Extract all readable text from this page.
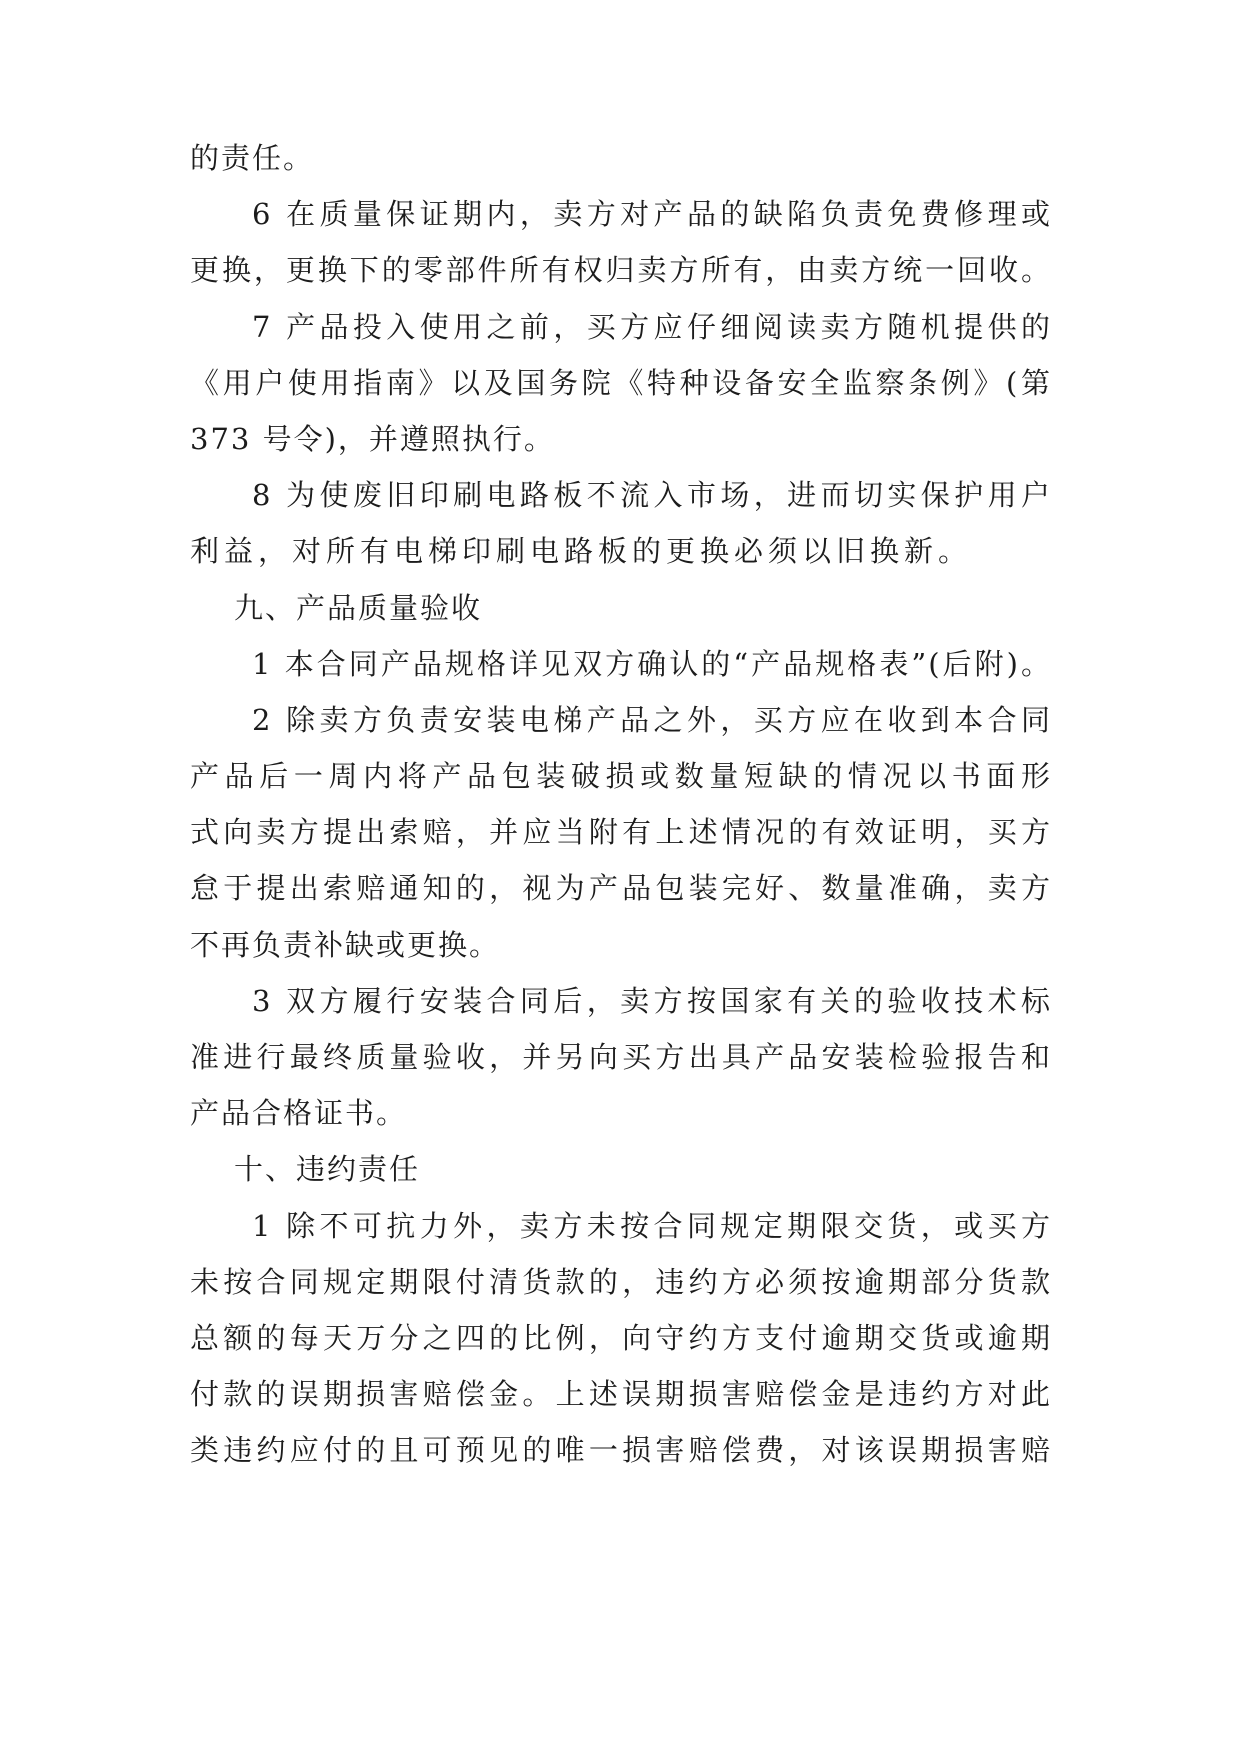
的责任。
6 在质量保证期内，卖方对产品的缺陷负责免费修理或
更换，更换下的零部件所有权归卖方所有，由卖方统一回收。
7 产品投入使用之前，买方应仔细阅读卖方随机提供的
《用户使用指南》以及国务院《特种设备安全监察条例》(第
373 号令)，并遵照执行。
8 为使废旧印刷电路板不流入市场，进而切实保护用户
利益，对所有电梯印刷电路板的更换必须以旧换新。
九、产品质量验收
1 本合同产品规格详见双方确认的“产品规格表”(后附)。
2 除卖方负责安装电梯产品之外，买方应在收到本合同
产品后一周内将产品包装破损或数量短缺的情况以书面形
式向卖方提出索赔，并应当附有上述情况的有效证明，买方
怠于提出索赔通知的，视为产品包装完好、数量准确，卖方
不再负责补缺或更换。
3 双方履行安装合同后，卖方按国家有关的验收技术标
准进行最终质量验收，并另向买方出具产品安装检验报告和
产品合格证书。
十、违约责任
1 除不可抗力外，卖方未按合同规定期限交货，或买方
未按合同规定期限付清货款的，违约方必须按逾期部分货款
总额的每天万分之四的比例，向守约方支付逾期交货或逾期
付款的误期损害赔偿金。上述误期损害赔偿金是违约方对此
类违约应付的且可预见的唯一损害赔偿费，对该误期损害赔
